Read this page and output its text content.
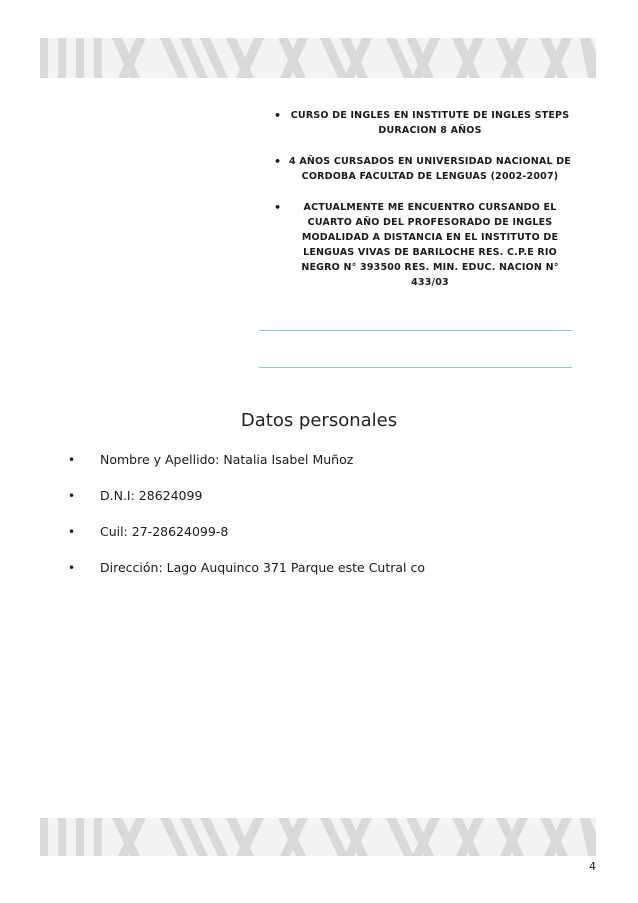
• CURSO DE INGLES EN INSTITUTE DE INGLES STEPS DURACION 8 AÑOS
• 4 AÑOS CURSADOS EN UNIVERSIDAD NACIONAL DE CORDOBA FACULTAD DE LENGUAS (2002-2007)
• ACTUALMENTE ME ENCUENTRO CURSANDO EL CUARTO AÑO DEL PROFESORADO DE INGLES MODALIDAD A DISTANCIA EN EL INSTITUTO DE LENGUAS VIVAS DE BARILOCHE RES. C.P.E RIO NEGRO N° 393500 RES. MIN. EDUC. NACION N° 433/03
Datos personales
• Nombre y Apellido: Natalia Isabel Muñoz
• D.N.I: 28624099
• Cuil: 27-28624099-8
• Dirección: Lago Auquinco 371 Parque este Cutral co
4
